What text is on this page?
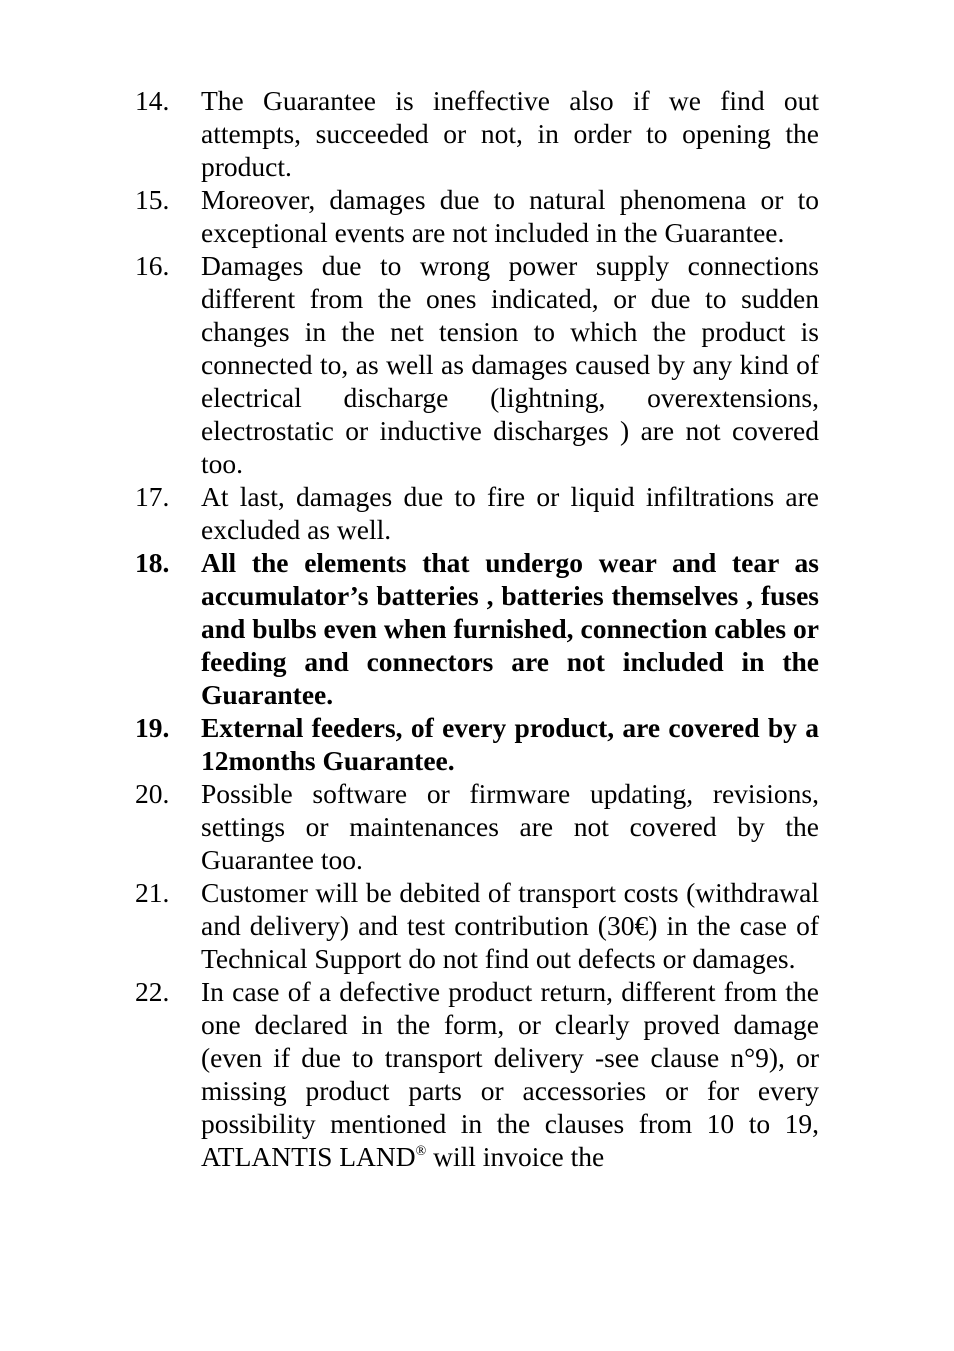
14.	The Guarantee is ineffective also if we find out attempts, succeeded or not, in order to opening the product.
15.	Moreover, damages due to natural phenomena or to exceptional events are not included in the Guarantee.
16.	Damages due to wrong power supply connections different from the ones indicated, or due to sudden changes in the net tension to which the product is connected to, as well as damages caused by any kind of electrical discharge (lightning, overextensions, electrostatic or inductive discharges ) are not covered too.
17.	At last, damages due to fire or liquid infiltrations are excluded as well.
18.	All the elements that undergo wear and tear as accumulator’s batteries , batteries themselves , fuses and bulbs even when furnished, connection cables or feeding and connectors are not included in the Guarantee.
19.	External feeders, of every product, are covered by a 12months Guarantee.
20.	Possible software or firmware updating, revisions, settings or maintenances are not covered by the Guarantee too.
21.	Customer will be debited of transport costs (withdrawal and delivery) and test contribution (30€) in the case of Technical Support do not find out defects or damages.
22.	In case of a defective product return, different from the one declared in the form, or clearly proved damage (even if due to transport delivery -see clause n°9), or missing product parts or accessories or for every possibility mentioned in the clauses from 10 to 19, ATLANTIS LAND® will invoice the
